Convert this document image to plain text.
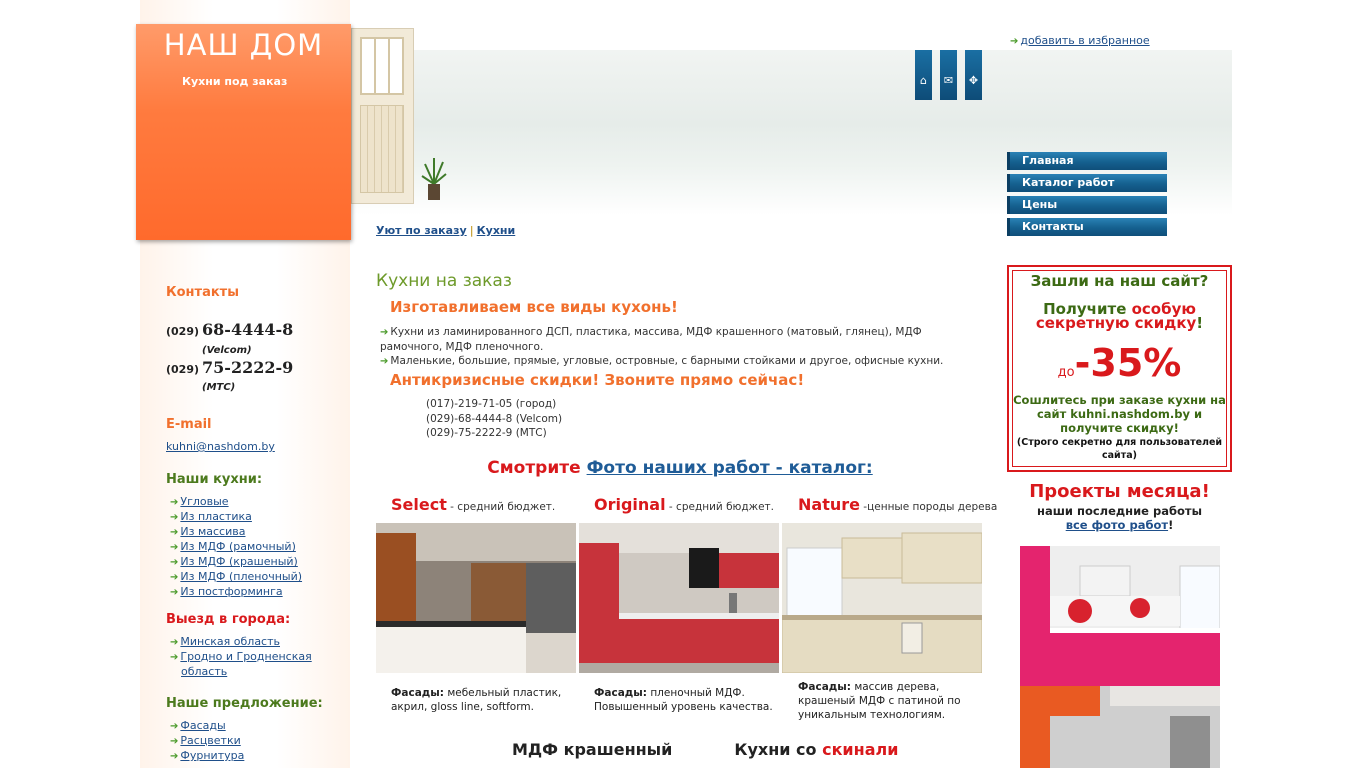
НАШ ДОМ
Кухни под заказ	⌂	✉	✥
➔ добавить в избранное
Главная
Каталог работ
Цены
Контакты
Уют по заказу | Кухни
Контакты
(029) 68-4444-8
(Velcom)
(029) 75-2222-9
(МТС)
E-mail
kuhni@nashdom.by
Наши кухни:
➔ Угловые
➔ Из пластика
➔ Из массива
➔ Из МДФ (рамочный)
➔ Из МДФ (крашеный)
➔ Из МДФ (пленочный)
➔ Из постформинга
Выезд в города:
➔ Минская область
➔ Гродно и Гродненская область
Наше предложение:
➔ Фасады
➔ Расцветки
➔ Фурнитура
Кухни на заказ
Изготавливаем все виды кухонь!

➔ Кухни из ламинированного ДСП, пластика, массива, МДФ крашенного (матовый, глянец), МДФ рамочного, МДФ пленочного.

➔ Маленькие, большие, прямые, угловые, островные, с барными стойками и другое, офисные кухни.

Антикризисные скидки! Звоните прямо сейчас!
(017)-219-71-05 (город)
(029)-68-4444-8 (Velcom)
(029)-75-2222-9 (МТС)
Смотрите Фото наших работ - каталог:
Select - средний бюджет. Original - средний бюджет. Nature -ценные породы дерева
Фасады: мебельный пластик, акрил, gloss line, softform.
Фасады: пленочный МДФ. Повышенный уровень качества.
Фасады: массив дерева, крашеный МДФ с патиной по уникальным технологиям.
МДФ крашенный	Кухни со скинали
Зашли на наш сайт?
Получите особую секретную скидку!
до-35%
Сошлитесь при заказе кухни на сайт kuhni.nashdom.by и получите скидку!
(Строго секретно для пользователей сайта)
Проекты месяца!
наши последние работы
все фото работ!
